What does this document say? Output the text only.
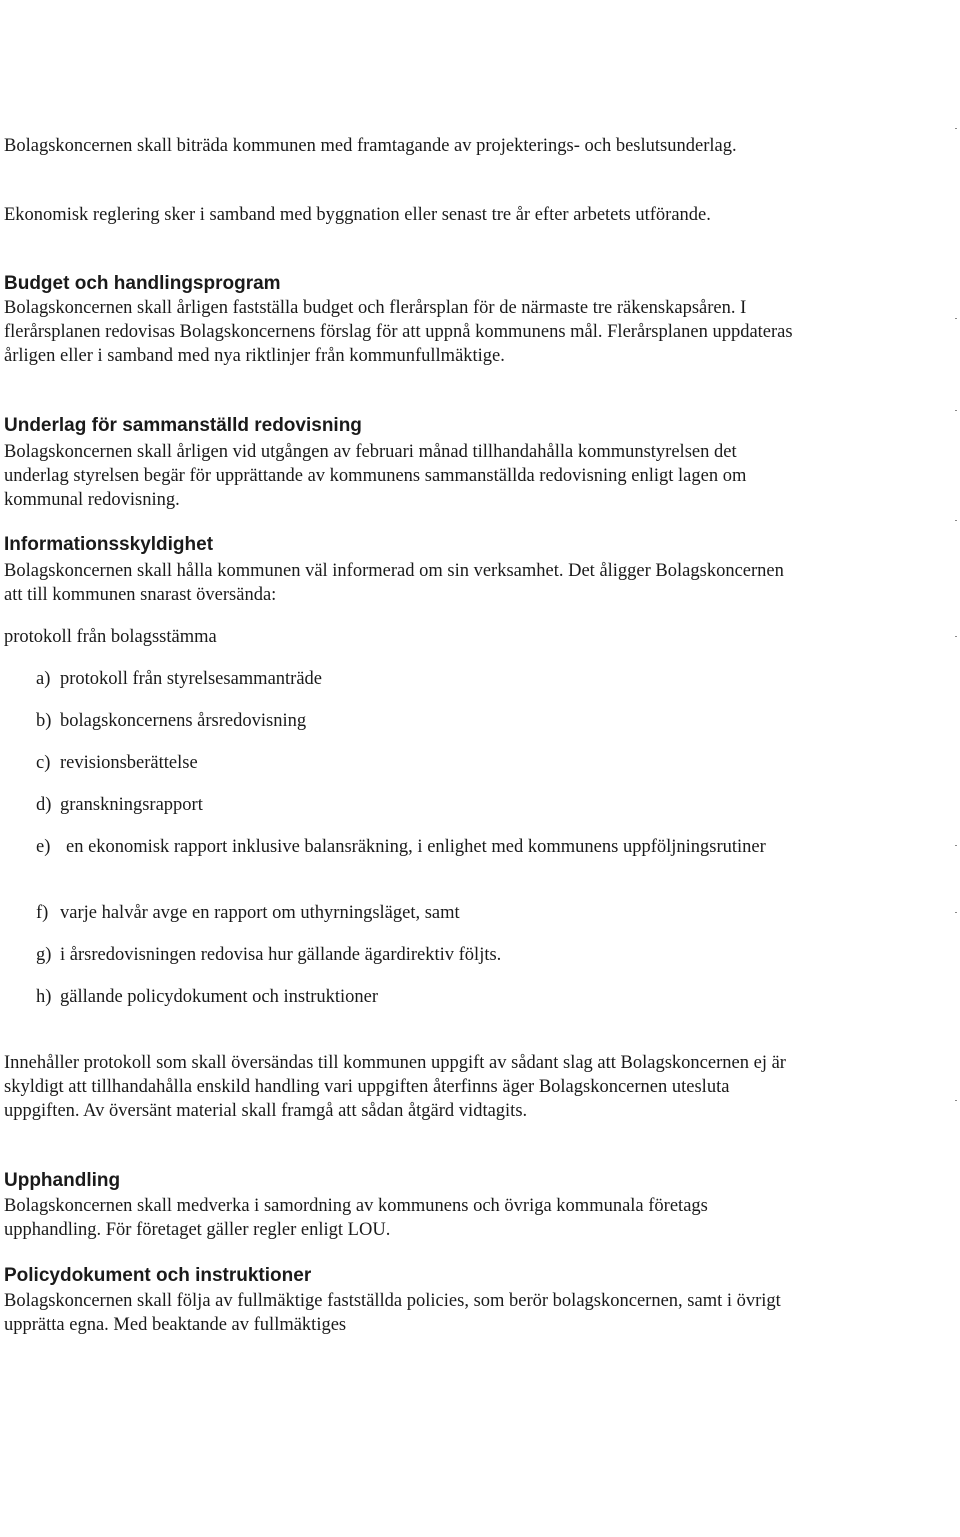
Bolagskoncernen skall biträda kommunen med framtagande av projekterings- och beslutsunderlag.

Ekonomisk reglering sker i samband med byggnation eller senast tre år efter arbetets utförande.

Budget och handlingsprogram

Bolagskoncernen skall årligen fastställa budget och flerårsplan för de närmaste tre räkenskapsåren. I flerårsplanen redovisas Bolagskoncernens förslag för att uppnå kommunens mål. Flerårsplanen uppdateras årligen eller i samband med nya riktlinjer från kommunfullmäktige.

Underlag för sammanställd redovisning

Bolagskoncernen skall årligen vid utgången av februari månad tillhandahålla kommunstyrelsen det underlag styrelsen begär för upprättande av kommunens sammanställda redovisning enligt lagen om kommunal redovisning.

Informationsskyldighet

Bolagskoncernen skall hålla kommunen väl informerad om sin verksamhet. Det åligger Bolagskoncernen att till kommunen snarast översända:

protokoll från bolagsstämma

a) protokoll från styrelsesammanträde
b) bolagskoncernens årsredovisning
c) revisionsberättelse
d) granskningsrapport
e) en ekonomisk rapport inklusive balansräkning, i enlighet med kommunens uppföljningsrutiner
f) varje halvår avge en rapport om uthyrningsläget, samt
g) i årsredovisningen redovisa hur gällande ägardirektiv följts.
h) gällande policydokument och instruktioner

Innehåller protokoll som skall översändas till kommunen uppgift av sådant slag att Bolagskoncernen ej är skyldigt att tillhandahålla enskild handling vari uppgiften återfinns äger Bolagskoncernen utesluta uppgiften. Av översänt material skall framgå att sådan åtgärd vidtagits.

Upphandling

Bolagskoncernen skall medverka i samordning av kommunens och övriga kommunala företags upphandling. För företaget gäller regler enligt LOU.

Policydokument och instruktioner

Bolagskoncernen skall följa av fullmäktige fastställda policies, som berör bolagskoncernen, samt i övrigt upprätta egna. Med beaktande av fullmäktiges
